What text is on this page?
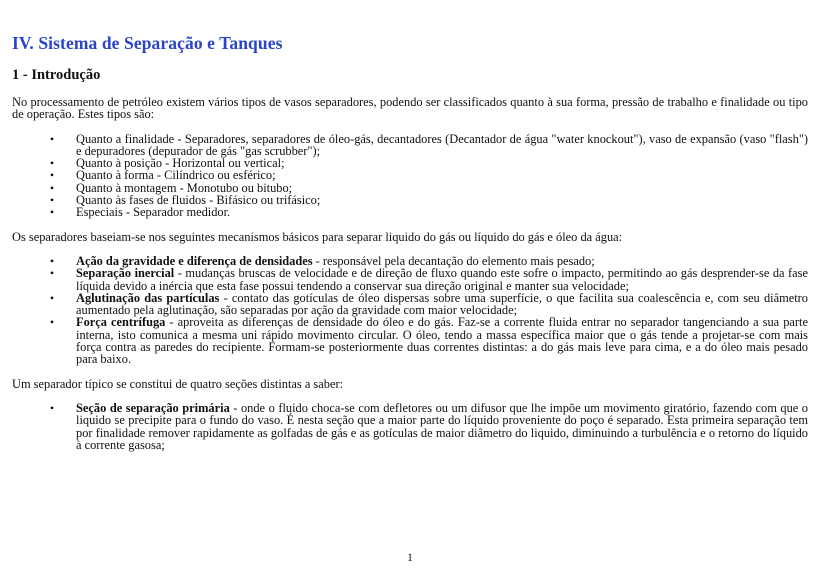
IV. Sistema de Separação e Tanques
1 - Introdução

No processamento de petróleo existem vários tipos de vasos separadores, podendo ser classificados quanto à sua forma, pressão de trabalho e finalidade ou tipo de operação. Estes tipos são:

•	Quanto a finalidade - Separadores, separadores de óleo-gás, decantadores (Decantador de água "water knockout"), vaso de expansão (vaso "flash") e depuradores (depurador de gás "gas scrubber");
•	Quanto à posição - Horizontal ou vertical;
•	Quanto à forma - Cilíndrico ou esférico;
•	Quanto à montagem - Monotubo ou bitubo;
•	Quanto às fases de fluidos - Bifásico ou trifásico;
•	Especiais - Separador medidor.

Os separadores baseiam-se nos seguintes mecanismos básicos para separar liquido do gás ou líquido do gás e óleo da água:

•	Ação da gravidade e diferença de densidades - responsável pela decantação do elemento mais pesado;
•	Separação inercial - mudanças bruscas de velocidade e de direção de fluxo quando este sofre o impacto, permitindo ao gás desprender-se da fase líquida devido a inércia que esta fase possui tendendo a conservar sua direção original e manter sua velocidade;
•	Aglutinação das partículas - contato das gotículas de óleo dispersas sobre uma superfície, o que facilita sua coalescência e, com seu diâmetro aumentado pela aglutinação, são separadas por ação da gravidade com maior velocidade;
•	Força centrífuga - aproveita as diferenças de densidade do óleo e do gás. Faz-se a corrente fluida entrar no separador tangenciando a sua parte interna, isto comunica a mesma uni rápido movimento circular. O óleo, tendo a massa específica maior que o gás tende a projetar-se com mais força contra as paredes do recipiente. Formam-se posteriormente duas correntes distintas: a do gás mais leve para cima, e a do óleo mais pesado para baixo.

Um separador típico se constitui de quatro seções distintas a saber:

•	Seção de separação primária - onde o fluido choca-se com defletores ou um difusor que lhe impõe um movimento giratório, fazendo com que o liquido se precipite para o fundo do vaso. É nesta seção que a maior parte do líquido proveniente do poço é separado. Esta primeira separação tem por finalidade remover rapidamente as golfadas de gás e as gotículas de maior diâmetro do liquido, diminuindo a turbulência e o retorno do líquido à corrente gasosa;
1
